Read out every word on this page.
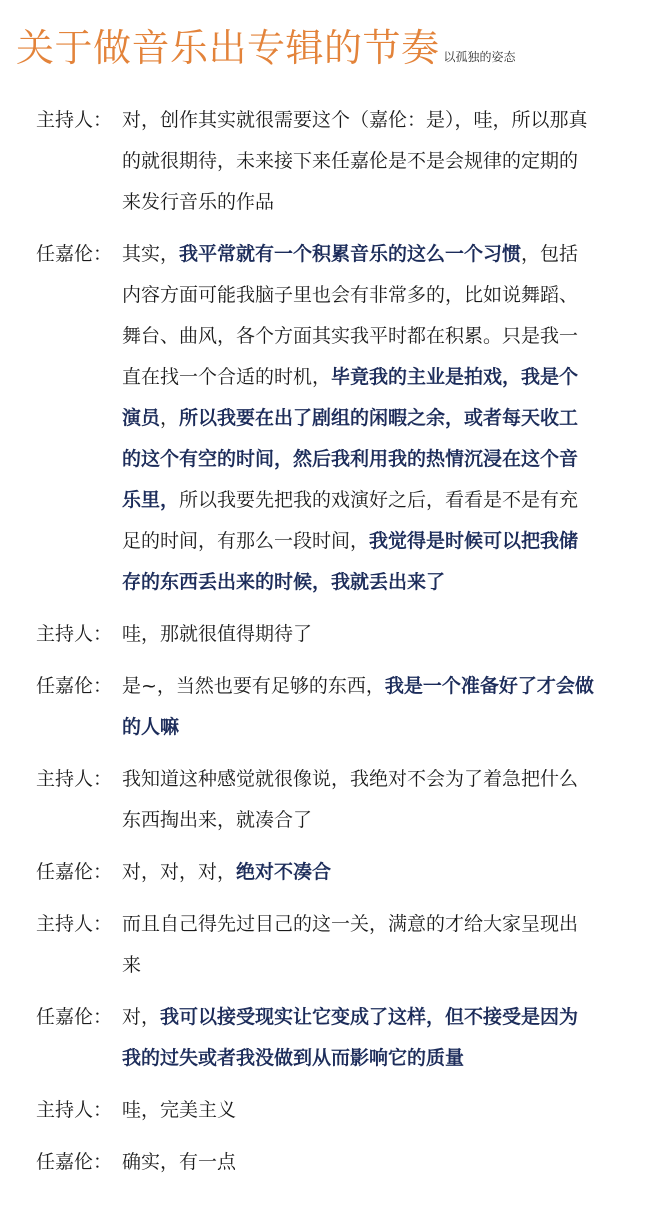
关于做音乐出专辑的节奏 以孤独的姿态
主持人： 对，创作其实就很需要这个（嘉伦：是），哇，所以那真的就很期待，未来接下来任嘉伦是不是会规律的定期的来发行音乐的作品
任嘉伦： 其实，我平常就有一个积累音乐的这么一个习惯，包括内容方面可能我脑子里也会有非常多的，比如说舞蹈、舞台、曲风，各个方面其实我平时都在积累。只是我一直在找一个合适的时机，毕竟我的主业是拍戏，我是个演员，所以我要在出了剧组的闲暇之余，或者每天收工的这个有空的时间，然后我利用我的热情沉浸在这个音乐里，所以我要先把我的戏演好之后，看看是不是有充足的时间，有那么一段时间，我觉得是时候可以把我储存的东西丢出来的时候，我就丢出来了
主持人： 哇，那就很值得期待了
任嘉伦： 是~，当然也要有足够的东西，我是一个准备好了才会做的人嘛
主持人： 我知道这种感觉就很像说，我绝对不会为了着急把什么东西掏出来，就凑合了
任嘉伦： 对，对，对，绝对不凑合
主持人： 而且自己得先过目己的这一关，满意的才给大家呈现出来
任嘉伦： 对，我可以接受现实让它变成了这样，但不接受是因为我的过失或者我没做到从而影响它的质量
主持人： 哇，完美主义
任嘉伦： 确实，有一点
